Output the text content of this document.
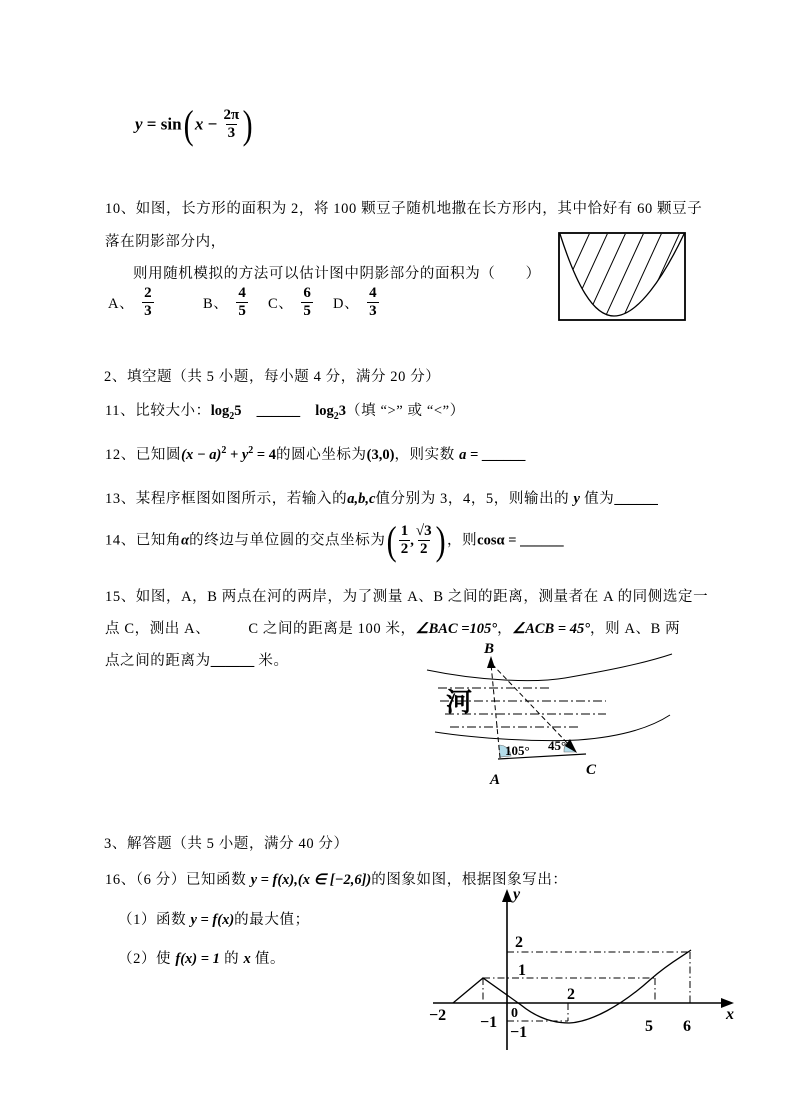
$y = \sin(x - \frac{2\pi}{3}$ )
10、如图，长方形的面积为 2，将 100 颗豆子随机地撒在长方形内，其中恰好有 60 颗豆子
落在阴影部分内，
则用随机模拟的方法可以估计图中阴影部分的面积为（　　）
A、 $\frac{2}{3}$	B、 $\frac{4}{5}$ C、 $\frac{6}{5}$ D、 $\frac{4}{3}$
2、填空题（共 5 小题，每小题 4 分，满分 20 分）
11、比较大小：$\log_25$　 ______　 $\log_23$（填 “>” 或 “<”）
12、已知圆$(x - a)^2 + y^2 = 4$的圆心坐标为(3,0)，则实数 a = ______
13、某程序框图如图所示，若输入的a,b,c值分别为 3，4，5，则输出的 y 值为______
14、已知角α的终边与单位圆的交点坐标为( $\frac{1}{2}$ , $\frac{√3}{2}$ ) ，则cosα = ______
15、如图，A，B 两点在河的两岸，为了测量 A、B 之间的距离，测量者在 A 的同侧选定一
点 C，测出 A、　　　C 之间的距离是 100 米，∠BAC =105°，∠ACB = 45°，则 A、B 两
点之间的距离为______ 米。
河
B
A
C
105° 45°
3、解答题（共 5 小题，满分 40 分）
16、（6 分）已知函数 y = f(x),(x ∈ [−2,6])的图象如图，根据图象写出：
（1）函数 y = f(x)的最大值；
（2）使 f(x) = 1 的 x 值。
y
x
2
1
0
−1
−2 −1
2
5 6
